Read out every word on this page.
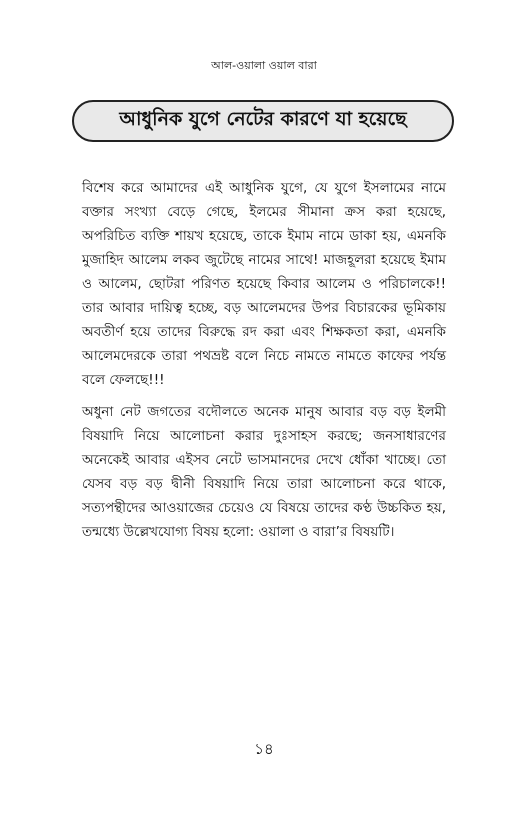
আল-ওয়ালা ওয়াল বারা
আধুনিক যুগে নেটের কারণে যা হয়েছে

বিশেষ করে আমাদের এই আধুনিক যুগে, যে যুগে ইসলামের নামে বক্তার সংখ্যা বেড়ে গেছে, ইলমের সীমানা ক্রস করা হয়েছে, অপরিচিত ব্যক্তি শায়খ হয়েছে, তাকে ইমাম নামে ডাকা হয়, এমনকি মুজাহিদ আলেম লকব জুটেছে নামের সাথে! মাজহূলরা হয়েছে ইমাম ও আলেম, ছোটরা পরিণত হয়েছে কিবার আলেম ও পরিচালকে!! তার আবার দায়িত্ব হচ্ছে, বড় আলেমদের উপর বিচারকের ভূমিকায় অবতীর্ণ হয়ে তাদের বিরুদ্ধে রদ করা এবং শিক্ষকতা করা, এমনকি আলেমদেরকে তারা পথভ্রষ্ট বলে নিচে নামতে নামতে কাফের পর্যন্ত বলে ফেলছে!!!

অধুনা নেট জগতের বদৌলতে অনেক মানুষ আবার বড় বড় ইলমী বিষয়াদি নিয়ে আলোচনা করার দুঃসাহস করছে; জনসাধারণের অনেকেই আবার এইসব নেটে ভাসমানদের দেখে ধোঁকা খাচ্ছে। তো যেসব বড় বড় দ্বীনী বিষয়াদি নিয়ে তারা আলোচনা করে থাকে, সত্যপন্থীদের আওয়াজের চেয়েও যে বিষয়ে তাদের কণ্ঠ উচ্চকিত হয়, তন্মধ্যে উল্লেখযোগ্য বিষয় হলো: ওয়ালা ও বারা’র বিষয়টি।

১৪
